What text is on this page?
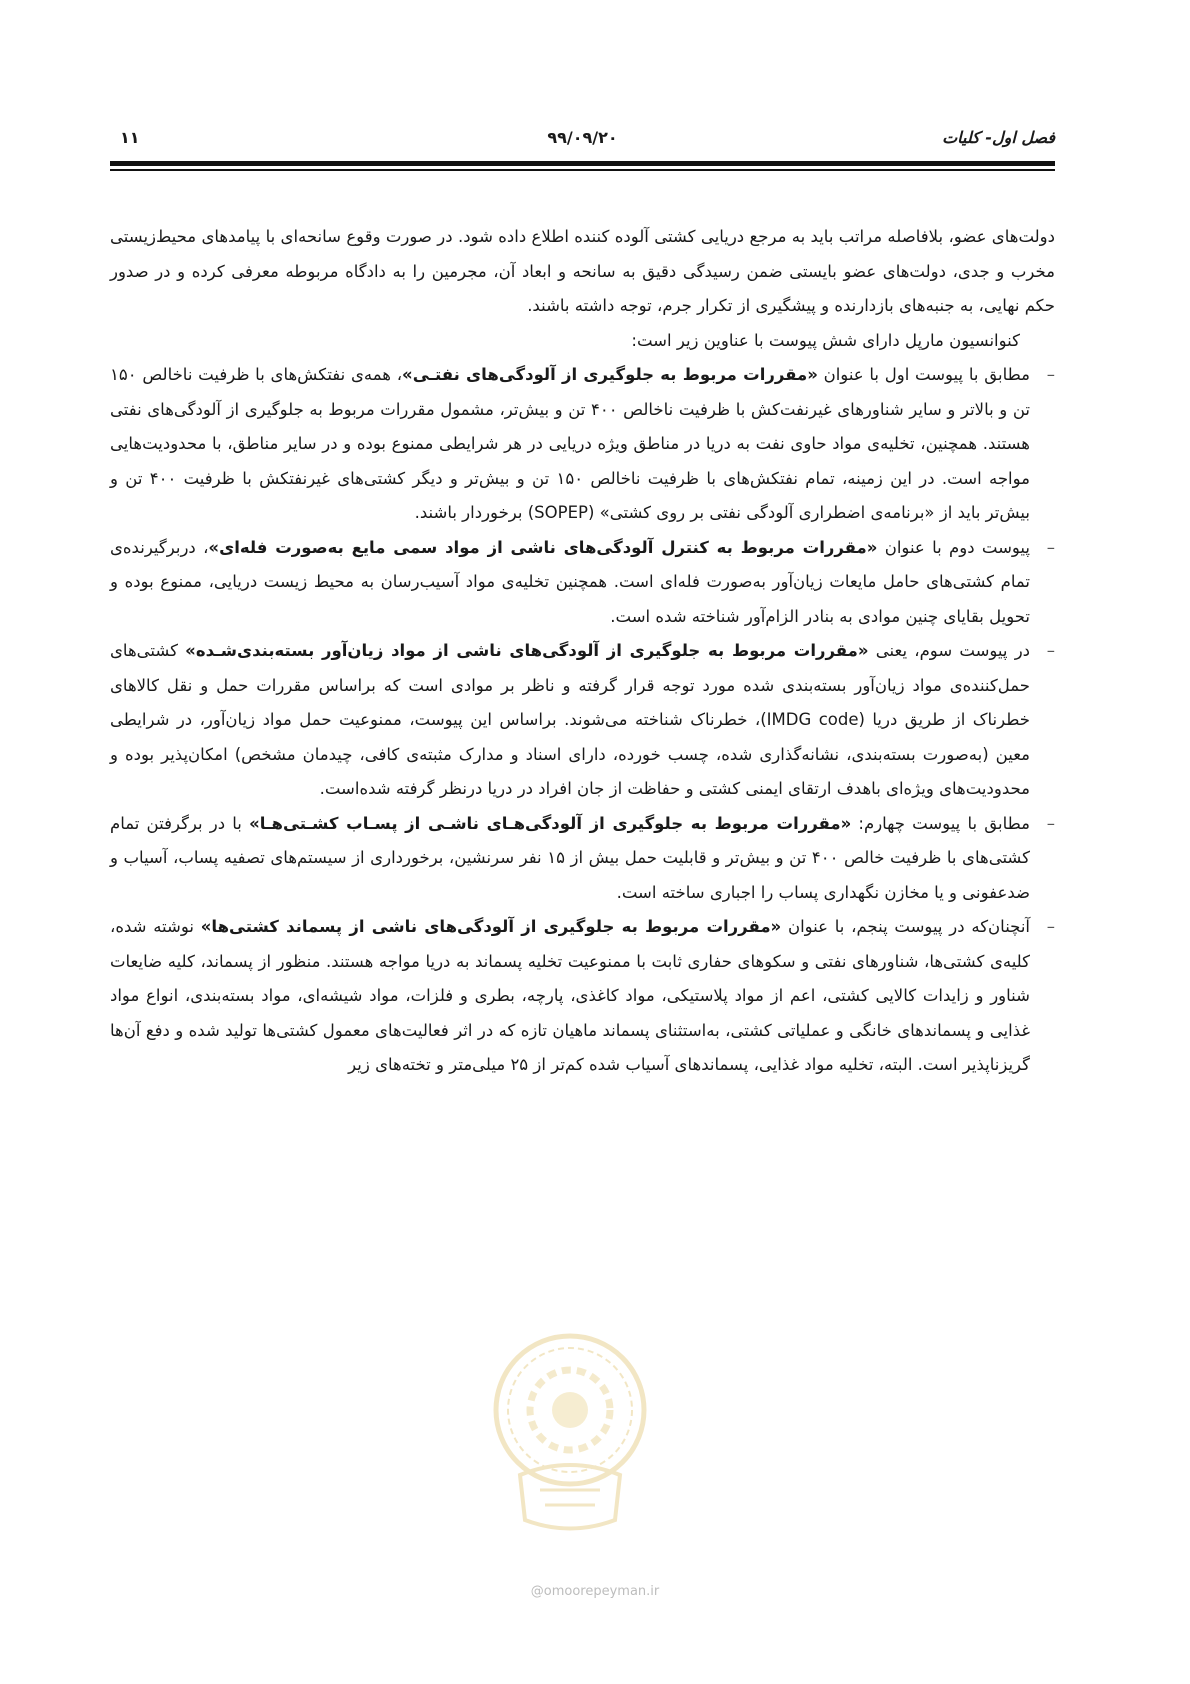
فصل اول- کلیات
۹۹/۰۹/۲۰
۱۱

دولت‌های عضو، بلافاصله مراتب باید به مرجع دریایی کشتی آلوده کننده اطلاع داده شود. در صورت وقوع سانحه‌ای با پیامدهای محیط‌زیستی مخرب و جدی، دولت‌های عضو بایستی ضمن رسیدگی دقیق به سانحه و ابعاد آن، مجرمین را به دادگاه مربوطه معرفی کرده و در صدور حکم نهایی، به جنبه‌های بازدارنده و پیشگیری از تکرار جرم، توجه داشته باشند.

کنوانسیون مارپل دارای شش پیوست با عناوین زیر است:

–
مطابق با پیوست اول با عنوان «مقررات مربوط به جلوگیری از آلودگی‌های نفتـی»، همه‌ی نفتکش‌های با ظرفیت ناخالص ۱۵۰ تن و بالاتر و سایر شناورهای غیرنفت‌کش با ظرفیت ناخالص ۴۰۰ تن و بیش‌تر، مشمول مقررات مربوط به جلوگیری از آلودگی‌های نفتی هستند. همچنین، تخلیه‌ی مواد حاوی نفت به دریا در مناطق ویژه دریایی در هر شرایطی ممنوع بوده و در سایر مناطق، با محدودیت‌هایی مواجه است. در این زمینه، تمام نفتکش‌های با ظرفیت ناخالص ۱۵۰ تن و بیش‌تر و دیگر کشتی‌های غیرنفتکش با ظرفیت ۴۰۰ تن و بیش‌تر باید از «برنامه‌ی اضطراری آلودگی نفتی بر روی کشتی» (SOPEP) برخوردار باشند.
–
پیوست دوم با عنوان «مقررات مربوط به کنترل آلودگی‌های ناشی از مواد سمی مایع به‌صورت فله‌ای»، دربرگیرنده‌ی تمام کشتی‌های حامل مایعات زیان‌آور به‌صورت فله‌ای است. همچنین تخلیه‌ی مواد آسیب‌رسان به محیط زیست دریایی، ممنوع بوده و تحویل بقایای چنین موادی به بنادر الزام‌آور شناخته شده است.
–
در پیوست سوم، یعنی «مقررات مربوط به جلوگیری از آلودگی‌های ناشی از مواد زیان‌آور بسته‌بندی‌شـده» کشتی‌های حمل‌کننده‌ی مواد زیان‌آور بسته‌بندی شده مورد توجه قرار گرفته و ناظر بر موادی است که براساس مقررات حمل و نقل کالاهای خطرناک از طریق دریا (IMDG code)، خطرناک شناخته می‌شوند. براساس این پیوست، ممنوعیت حمل مواد زیان‌آور، در شرایطی معین (به‌صورت بسته‌بندی، نشانه‌گذاری شده، چسب خورده، دارای اسناد و مدارک مثبته‌ی کافی، چیدمان مشخص) امکان‌پذیر بوده و محدودیت‌های ویژه‌ای باهدف ارتقای ایمنی کشتی و حفاظت از جان افراد در دریا درنظر گرفته شده‌است.
–
مطابق با پیوست چهارم: «مقررات مربوط به جلوگیری از آلودگی‌هـای ناشـی از پسـاب کشـتی‌هـا» با در برگرفتن تمام کشتی‌های با ظرفیت خالص ۴۰۰ تن و بیش‌تر و قابلیت حمل بیش از ۱۵ نفر سرنشین، برخورداری از سیستم‌های تصفیه پساب، آسیاب و ضدعفونی و یا مخازن نگهداری پساب را اجباری ساخته است.
–
آنچنان‌که در پیوست پنجم، با عنوان «مقررات مربوط به جلوگیری از آلودگی‌های ناشی از پسماند کشتی‌ها» نوشته شده، کلیه‌ی کشتی‌ها، شناورهای نفتی و سکوهای حفاری ثابت با ممنوعیت تخلیه پسماند به دریا مواجه هستند. منظور از پسماند، کلیه ضایعات شناور و زایدات کالایی کشتی، اعم از مواد پلاستیکی، مواد کاغذی، پارچه، بطری و فلزات، مواد شیشه‌ای، مواد بسته‌بندی، انواع مواد غذایی و پسماندهای خانگی و عملیاتی کشتی، به‌استثنای پسماند ماهیان تازه که در اثر فعالیت‌های معمول کشتی‌ها تولید شده و دفع آن‌ها گریزناپذیر است. البته، تخلیه مواد غذایی، پسماندهای آسیاب شده کم‌تر از ۲۵ میلی‌متر و تخته‌های زیر
@omoorepeyman.ir
